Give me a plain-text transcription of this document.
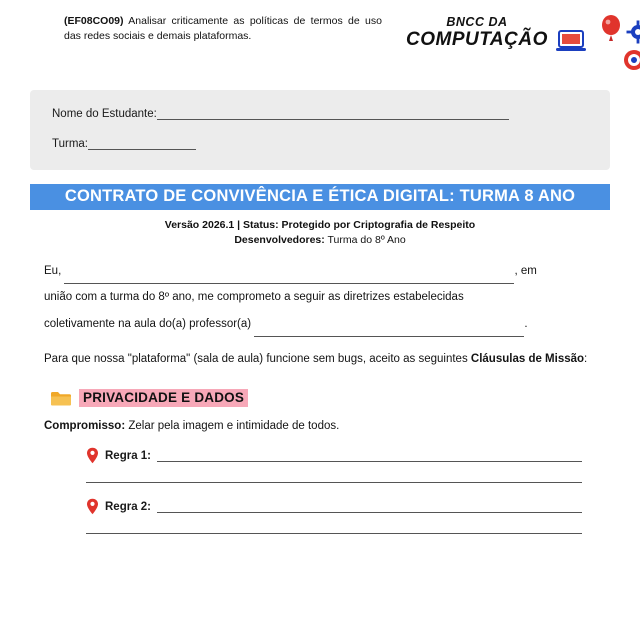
(EF08CO09) Analisar criticamente as políticas de termos de uso das redes sociais e demais plataformas.
BNCC DA
COMPUTAÇÃO
Nome do Estudante:
Turma:
CONTRATO DE CONVIVÊNCIA E ÉTICA DIGITAL: TURMA 8 ANO
Versão 2026.1 | Status: Protegido por Criptografia de Respeito
Desenvolvedores: Turma do 8º Ano
Eu,	, em
união com a turma do 8º ano, me comprometo a seguir as diretrizes estabelecidas
coletivamente na aula do(a) professor(a)	.
Para que nossa "plataforma" (sala de aula) funcione sem bugs, aceito as seguintes Cláusulas de Missão:
PRIVACIDADE E DADOS
Compromisso: Zelar pela imagem e intimidade de todos.
Regra 1:
Regra 2:
